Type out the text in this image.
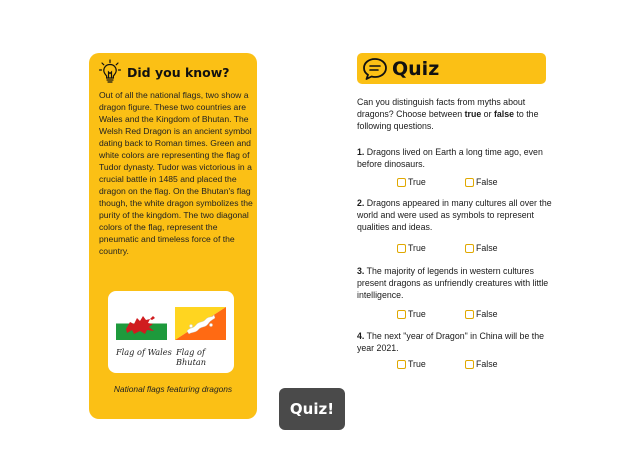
Did you know?

Out of all the national flags, two show a dragon figure. These two countries are Wales and the Kingdom of Bhutan. The Welsh Red Dragon is an ancient symbol dating back to Roman times. Green and white colors are representing the flag of Tudor dynasty. Tudor was victorious in a crucial battle in 1485 and placed the dragon on the flag. On the Bhutan's flag though, the white dragon symbolizes the purity of the kingdom. The two diagonal colors of the flag, represent the pneumatic and timeless force of the country.

Flag of Wales Flag of Bhutan
National flags featuring dragons
Quiz!
Quiz

Can you distinguish facts from myths about dragons? Choose between true or false to the following questions.

1. Dragons lived on Earth a long time ago, even before dinosaurs.

True	False

2. Dragons appeared in many cultures all over the world and were used as symbols to represent qualities and ideas.

True	False

3. The majority of legends in western cultures present dragons as unfriendly creatures with little intelligence.

True	False

4. The next "year of Dragon" in China will be the year 2021.

True	False
